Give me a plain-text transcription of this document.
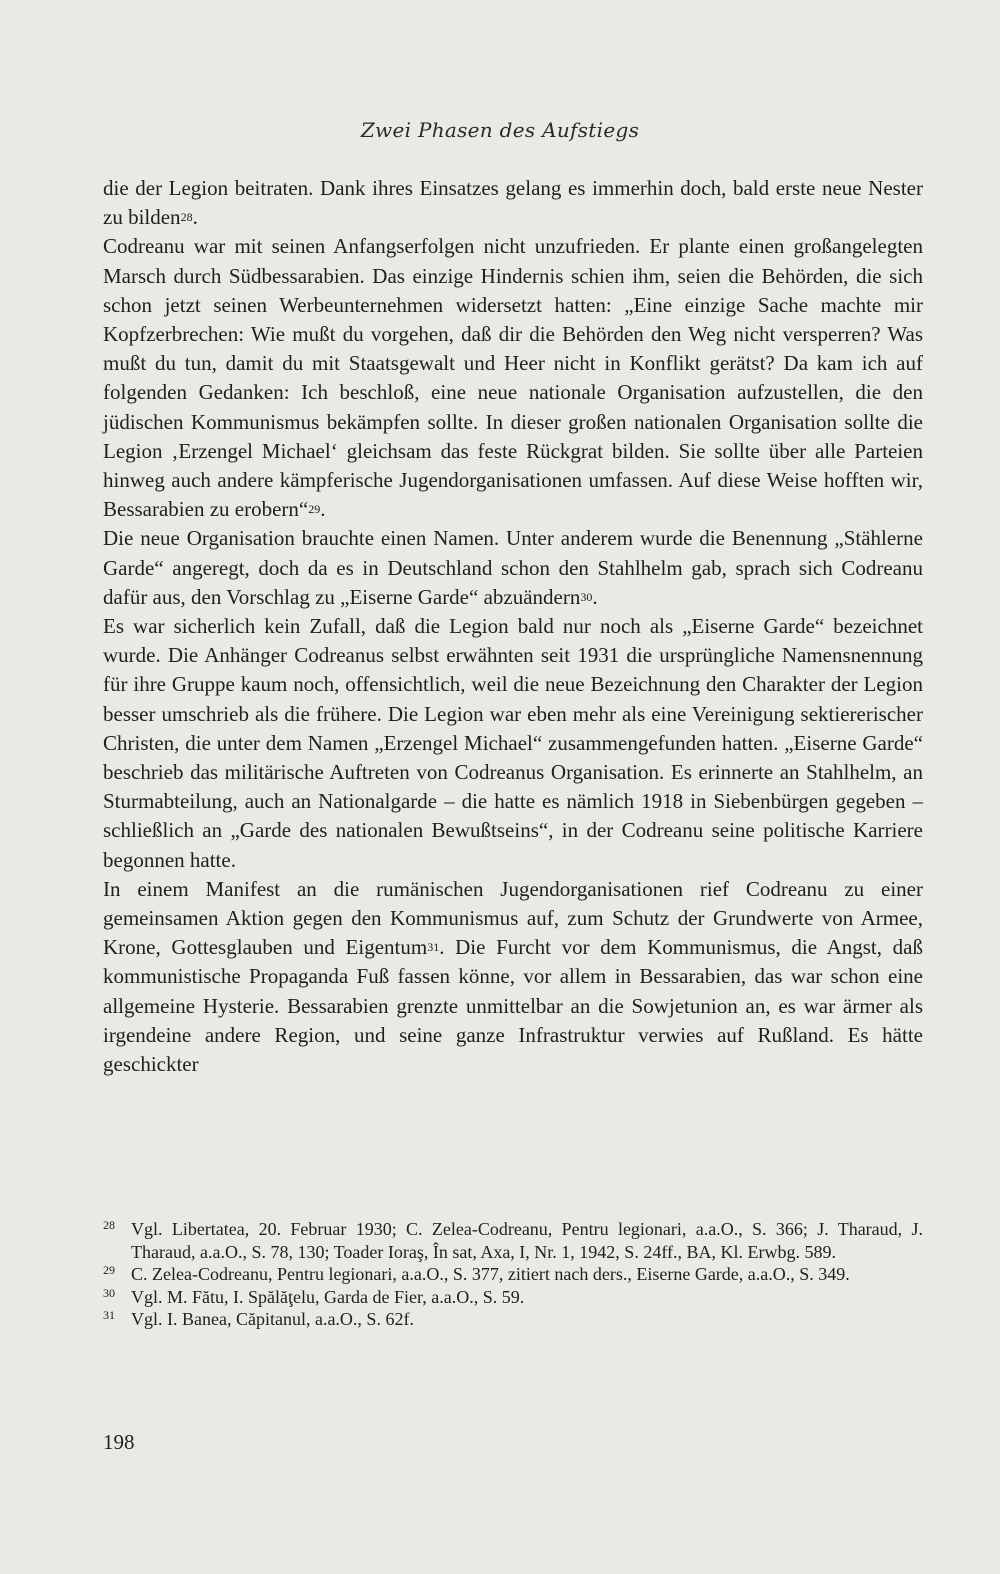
Zwei Phasen des Aufstiegs

die der Legion beitraten. Dank ihres Einsatzes gelang es immerhin doch, bald erste neue Nester zu bilden$^{28}$.

Codreanu war mit seinen Anfangserfolgen nicht unzufrieden. Er plante einen großangelegten Marsch durch Südbessarabien. Das einzige Hindernis schien ihm, seien die Behörden, die sich schon jetzt seinen Werbeunternehmen widersetzt hatten: „Eine einzige Sache machte mir Kopfzerbrechen: Wie mußt du vorgehen, daß dir die Behörden den Weg nicht versperren? Was mußt du tun, damit du mit Staatsgewalt und Heer nicht in Konflikt gerätst? Da kam ich auf folgenden Gedanken: Ich beschloß, eine neue nationale Organisation aufzustellen, die den jüdischen Kommunismus bekämpfen sollte. In dieser großen nationalen Organisation sollte die Legion ‚Erzengel Michael‘ gleichsam das feste Rückgrat bilden. Sie sollte über alle Parteien hinweg auch andere kämpferische Jugendorganisationen umfassen. Auf diese Weise hofften wir, Bessarabien zu erobern“$^{29}$.

Die neue Organisation brauchte einen Namen. Unter anderem wurde die Benennung „Stählerne Garde“ angeregt, doch da es in Deutschland schon den Stahlhelm gab, sprach sich Codreanu dafür aus, den Vorschlag zu „Eiserne Garde“ abzuändern$^{30}$.

Es war sicherlich kein Zufall, daß die Legion bald nur noch als „Eiserne Garde“ bezeichnet wurde. Die Anhänger Codreanus selbst erwähnten seit 1931 die ursprüngliche Namensnennung für ihre Gruppe kaum noch, offensichtlich, weil die neue Bezeichnung den Charakter der Legion besser umschrieb als die frühere. Die Legion war eben mehr als eine Vereinigung sektiererischer Christen, die unter dem Namen „Erzengel Michael“ zusammengefunden hatten. „Eiserne Garde“ beschrieb das militärische Auftreten von Codreanus Organisation. Es erinnerte an Stahlhelm, an Sturmabteilung, auch an Nationalgarde – die hatte es nämlich 1918 in Siebenbürgen gegeben – schließlich an „Garde des nationalen Bewußtseins“, in der Codreanu seine politische Karriere begonnen hatte.

In einem Manifest an die rumänischen Jugendorganisationen rief Codreanu zu einer gemeinsamen Aktion gegen den Kommunismus auf, zum Schutz der Grundwerte von Armee, Krone, Gottesglauben und Eigentum$^{31}$. Die Furcht vor dem Kommunismus, die Angst, daß kommunistische Propaganda Fuß fassen könne, vor allem in Bessarabien, das war schon eine allgemeine Hysterie. Bessarabien grenzte unmittelbar an die Sowjetunion an, es war ärmer als irgendeine andere Region, und seine ganze Infrastruktur verwies auf Rußland. Es hätte geschickter

28 Vgl. Libertatea, 20. Februar 1930; C. Zelea-Codreanu, Pentru legionari, a.a.O., S. 366; J. Tharaud, J. Tharaud, a.a.O., S. 78, 130; Toader Ioraş, În sat, Axa, I, Nr. 1, 1942, S. 24ff., BA, Kl. Erwbg. 589.

29 C. Zelea-Codreanu, Pentru legionari, a.a.O., S. 377, zitiert nach ders., Eiserne Garde, a.a.O., S. 349.

30 Vgl. M. Fătu, I. Spălăţelu, Garda de Fier, a.a.O., S. 59.

31 Vgl. I. Banea, Căpitanul, a.a.O., S. 62f.

198
